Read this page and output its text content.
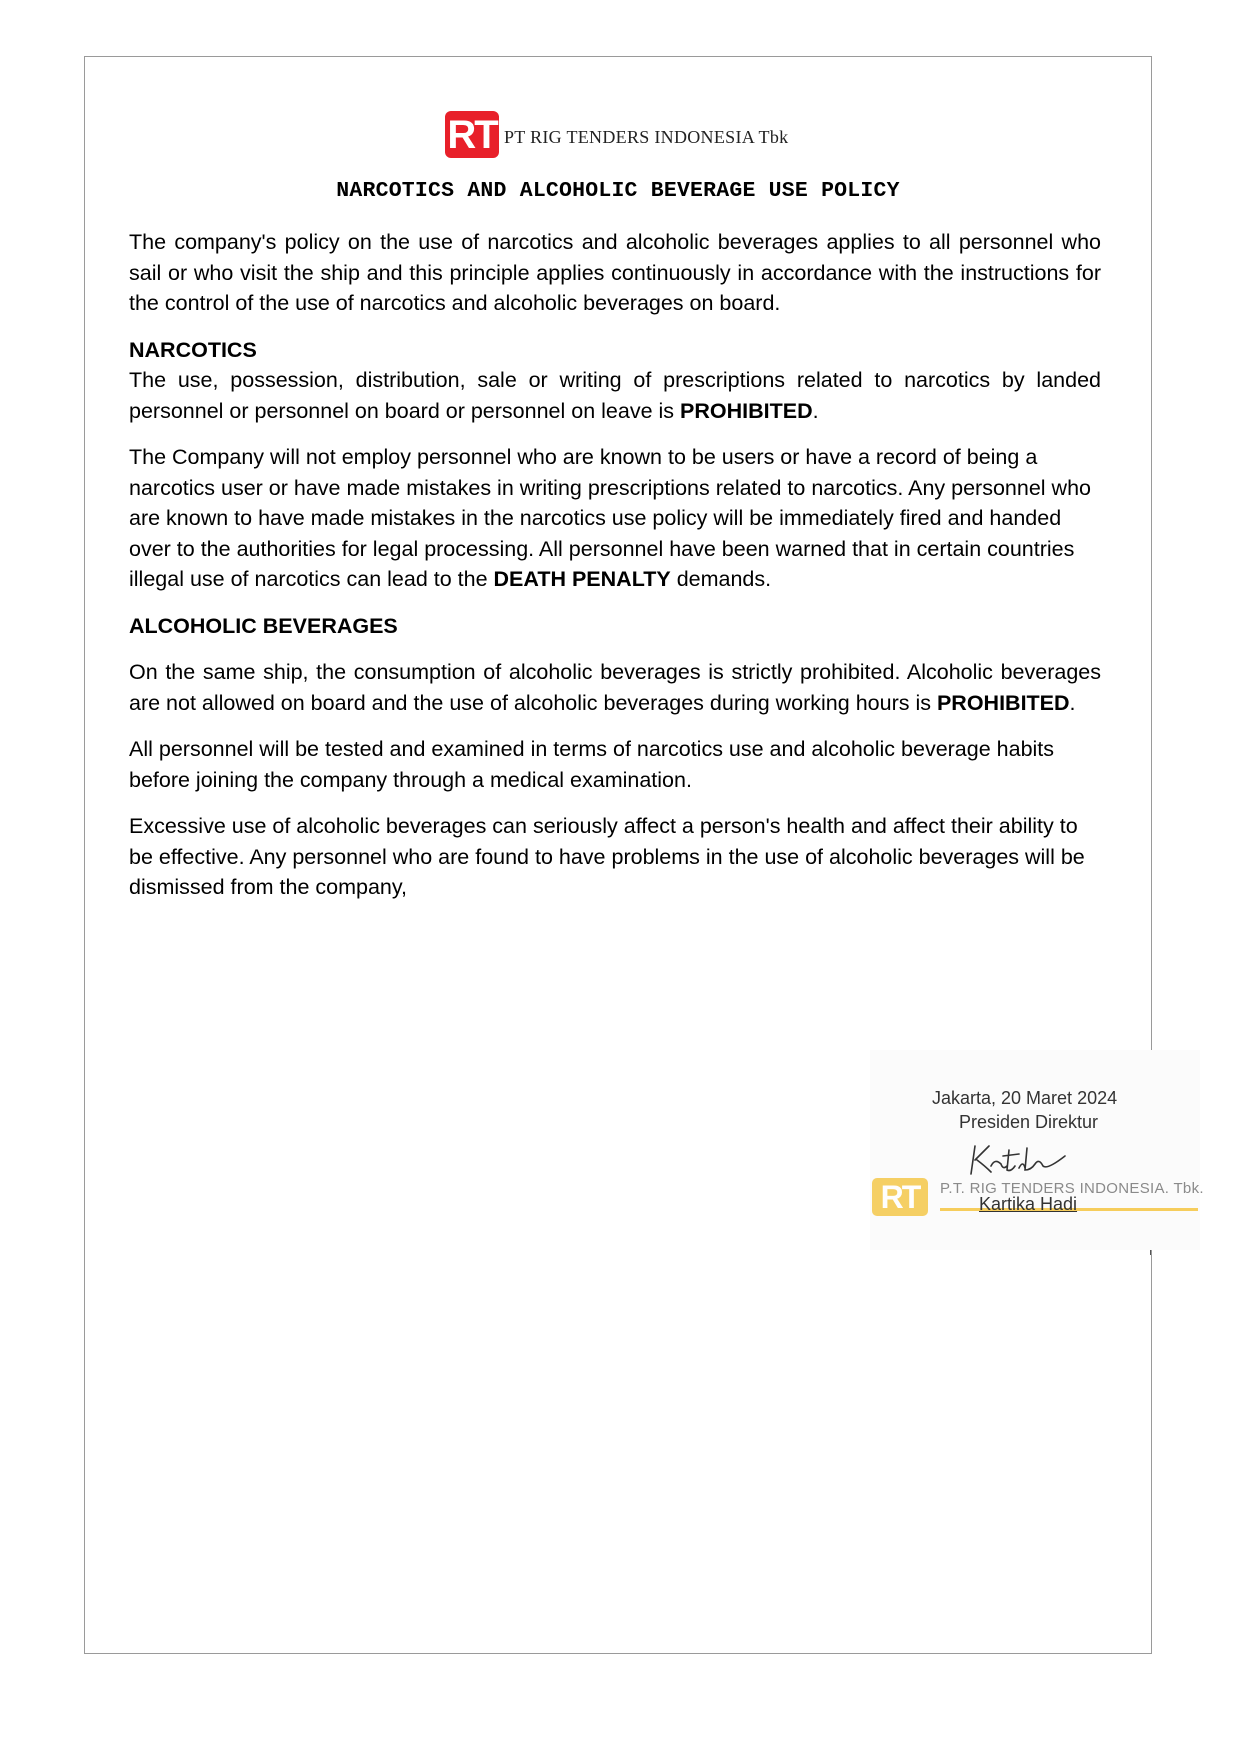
RT PT RIG TENDERS INDONESIA Tbk
NARCOTICS AND ALCOHOLIC BEVERAGE USE POLICY

The company's policy on the use of narcotics and alcoholic beverages applies to all personnel who sail or who visit the ship and this principle applies continuously in accordance with the instructions for the control of the use of narcotics and alcoholic beverages on board.

NARCOTICS

The use, possession, distribution, sale or writing of prescriptions related to narcotics by landed personnel or personnel on board or personnel on leave is PROHIBITED.

The Company will not employ personnel who are known to be users or have a record of being a narcotics user or have made mistakes in writing prescriptions related to narcotics. Any personnel who are known to have made mistakes in the narcotics use policy will be immediately fired and handed over to the authorities for legal processing. All personnel have been warned that in certain countries illegal use of narcotics can lead to the DEATH PENALTY demands.

ALCOHOLIC BEVERAGES

On the same ship, the consumption of alcoholic beverages is strictly prohibited. Alcoholic beverages are not allowed on board and the use of alcoholic beverages during working hours is PROHIBITED.

All personnel will be tested and examined in terms of narcotics use and alcoholic beverage habits before joining the company through a medical examination.

Excessive use of alcoholic beverages can seriously affect a person's health and affect their ability to be effective. Any personnel who are found to have problems in the use of alcoholic beverages will be dismissed from the company,

Jakarta, 20 Maret 2024
Presiden Direktur
RT	P.T. RIG TENDERS INDONESIA. Tbk.
Kartika Hadi
